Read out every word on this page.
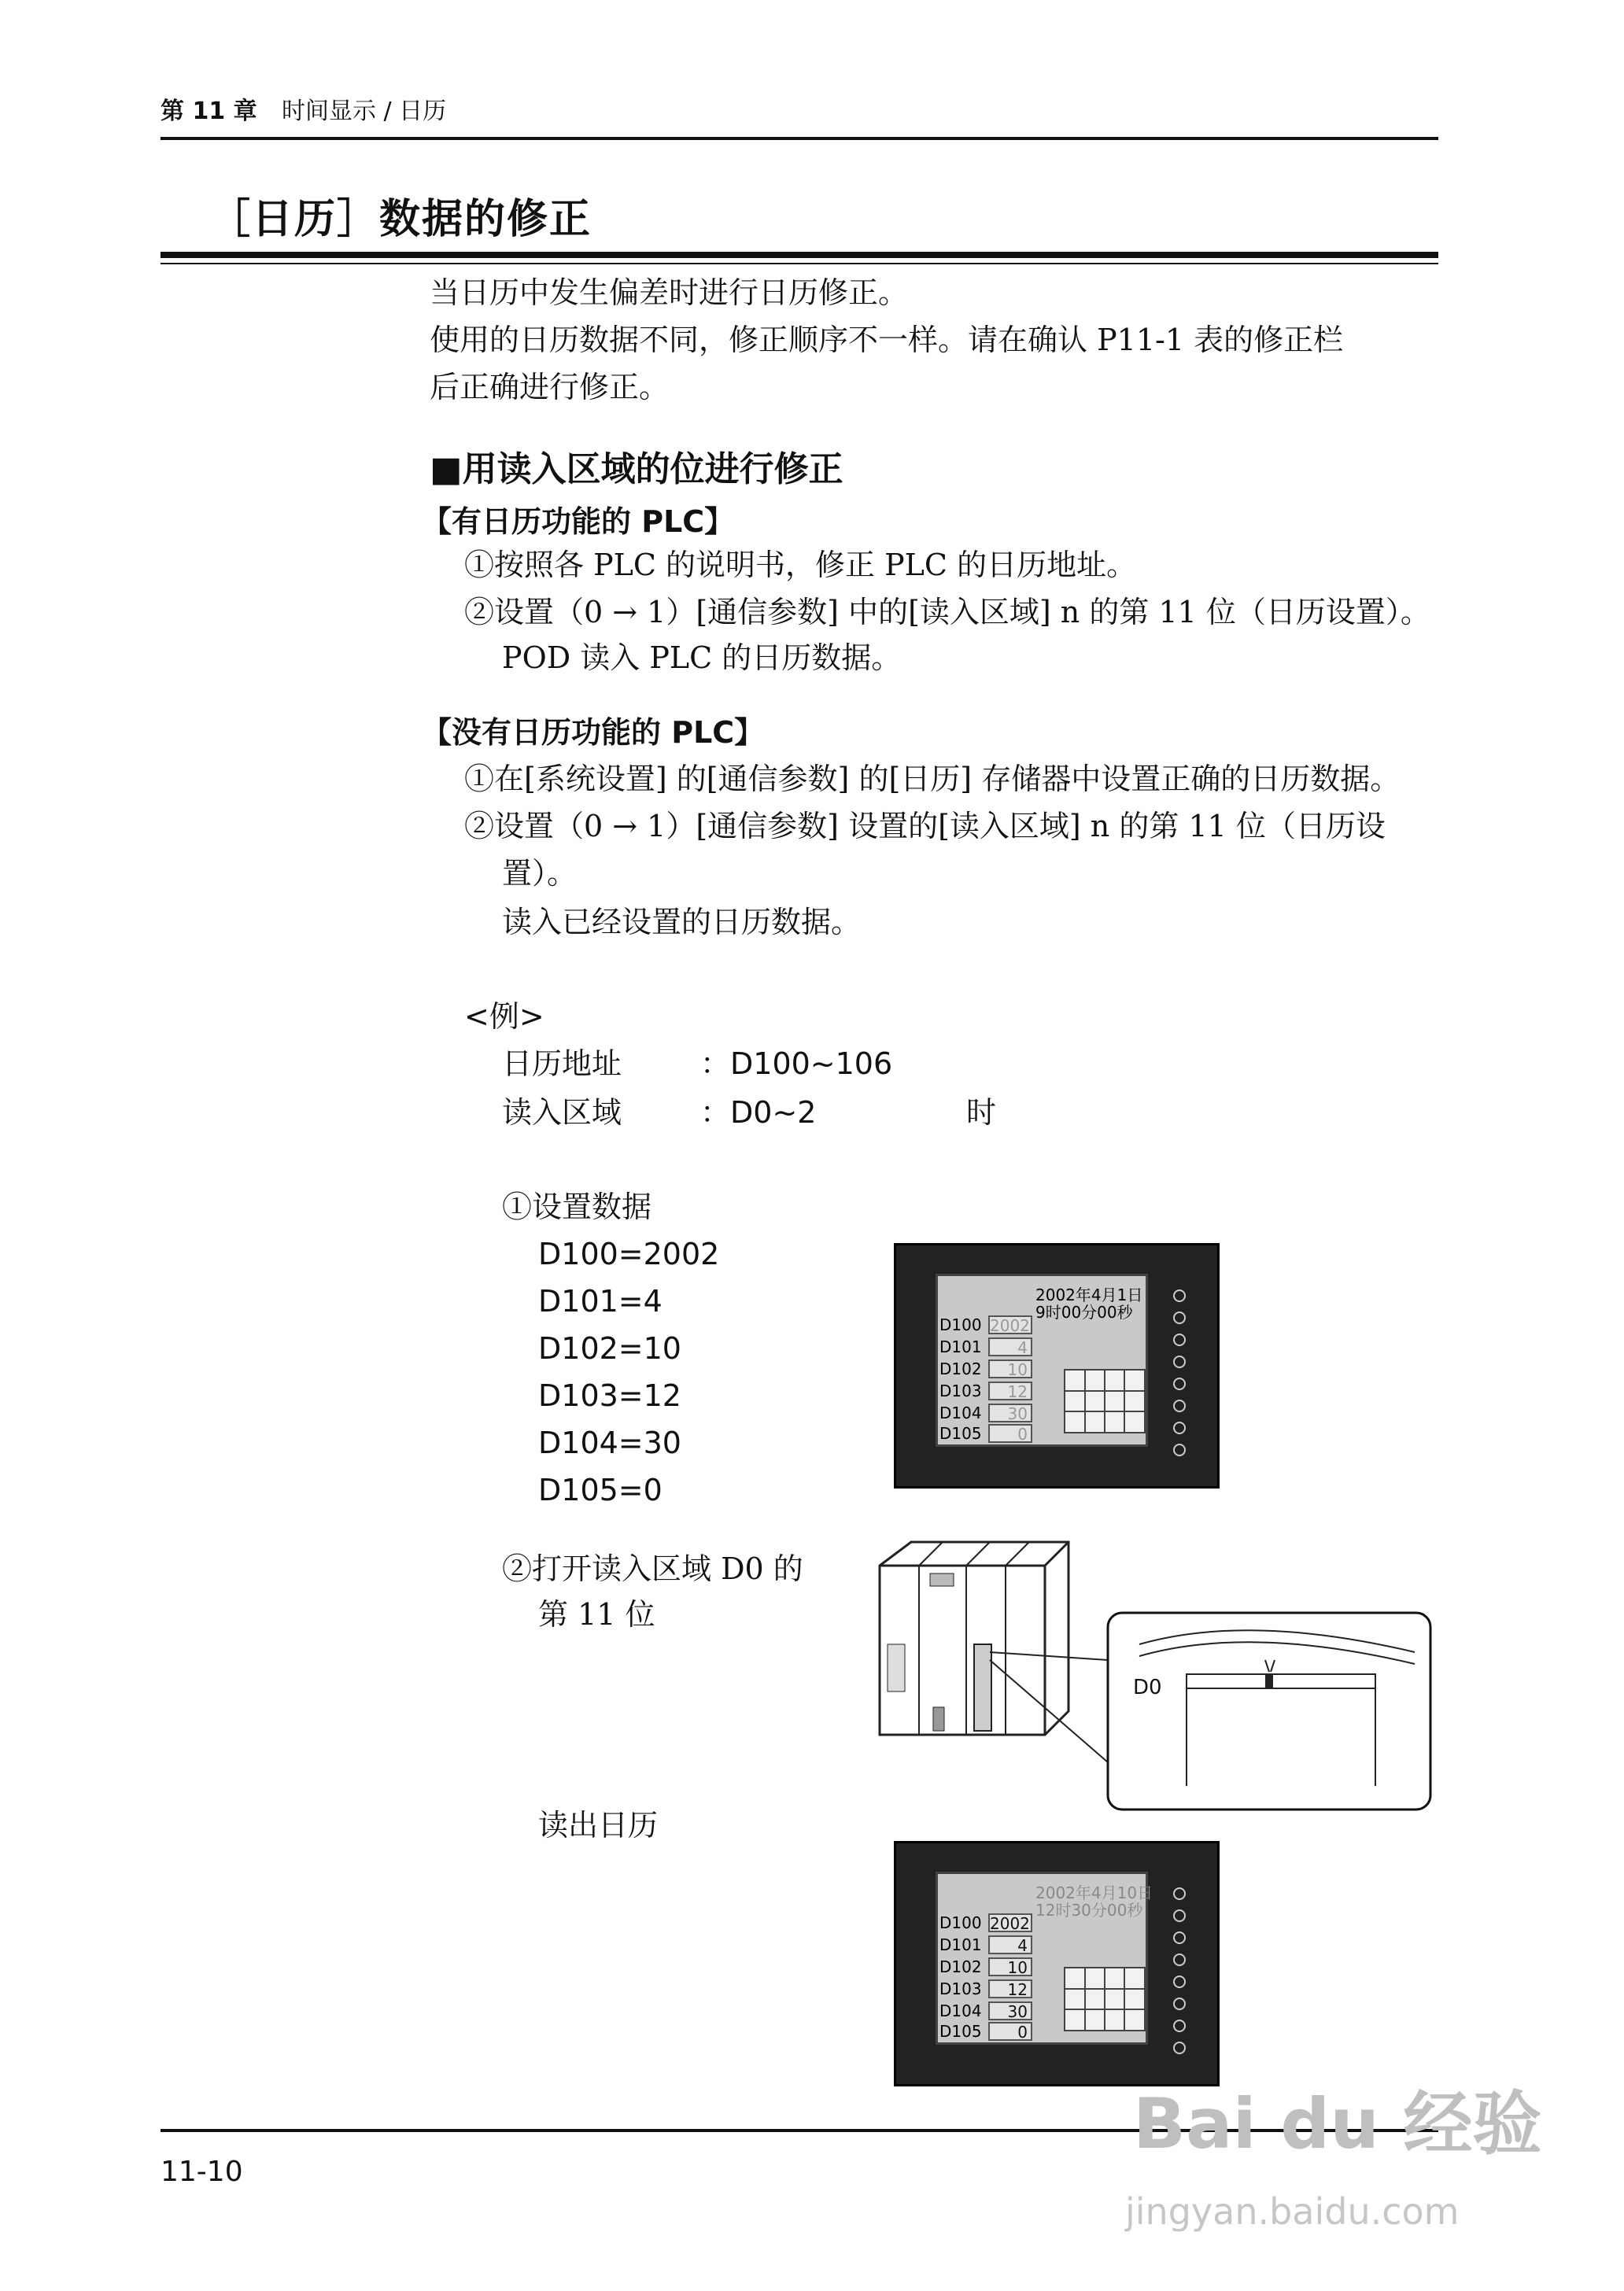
第 11 章 时间显示 / 日历
［日历］数据的修正
当日历中发生偏差时进行日历修正。
使用的日历数据不同，修正顺序不一样。请在确认 P11-1 表的修正栏
后正确进行修正。
■用读入区域的位进行修正
【有日历功能的 PLC】
①按照各 PLC 的说明书，修正 PLC 的日历地址。
②设置（0 → 1）[通信参数] 中的[读入区域] n 的第 11 位（日历设置）。
POD 读入 PLC 的日历数据。
【没有日历功能的 PLC】
①在[系统设置] 的[通信参数] 的[日历] 存储器中设置正确的日历数据。
②设置（0 → 1）[通信参数] 设置的[读入区域] n 的第 11 位（日历设
置）。
读入已经设置的日历数据。
<例>
日历地址	：D100~106
读入区域	：D0~2	时
①设置数据
D100=2002
D101=4
D102=10
D103=12
D104=30
D105=0
②打开读入区域 D0 的
第 11 位
读出日历
2002年4月1日
9时00分00秒
D100 2002
D101	4
D102	10
D103	12
D104	30
D105	0
D0
2002年4月10日
12时30分00秒
D100 2002
D101	4
D102	10
D103	12
D104	30
D105	0
11-10
Bai du 经验
jingyan.baidu.com
